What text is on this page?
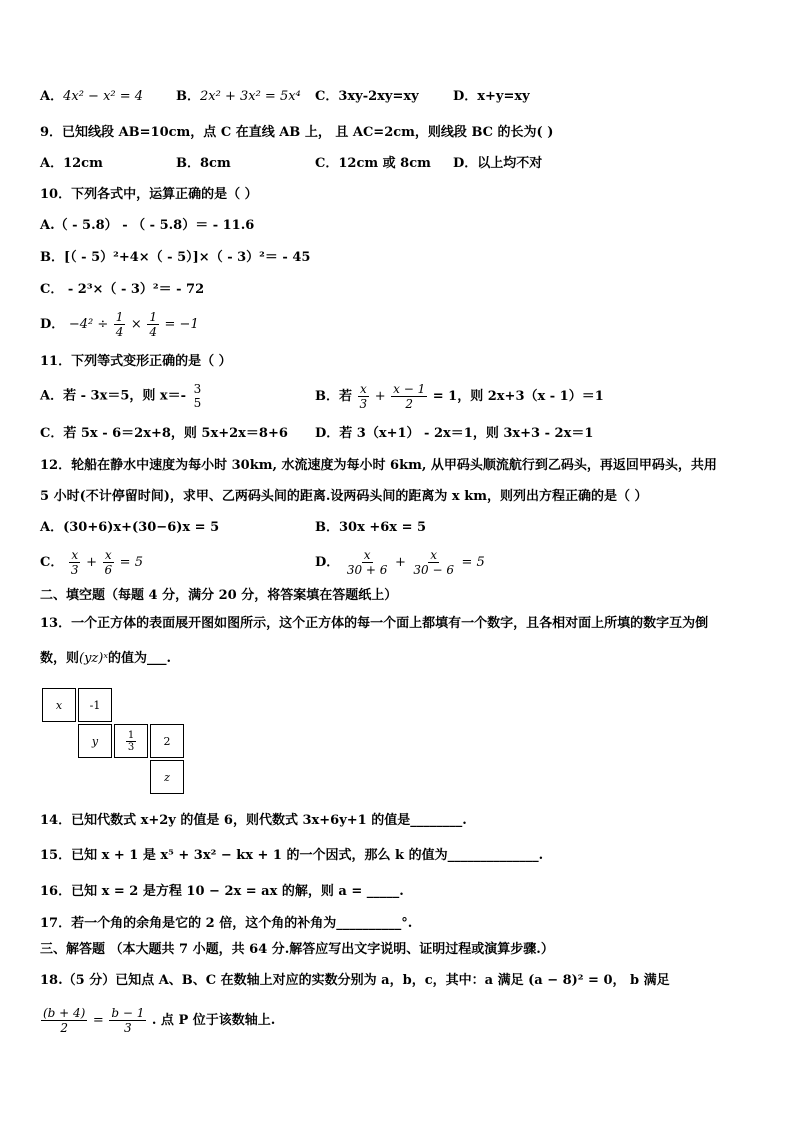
A．4x² − x² = 4	B．2x² + 3x² = 5x⁴ C．3xy-2xy=xy	D．x+y=xy
9．已知线段 AB=10cm，点 C 在直线 AB 上， 且 AC=2cm，则线段 BC 的长为( )
A．12cm	B．8cm	C．12cm 或 8cm D．以上均不对
10．下列各式中，运算正确的是（ ）
A.（ - 5.8） - （ - 5.8）＝ - 11.6
B．[（ - 5）²+4×（ - 5）]×（ - 3）²＝ - 45
C． - 2³×（ - 3）²＝ - 72
D． $-4^2 \div \frac{1}{4} \times \frac{1}{4} = -1$
11．下列等式变形正确的是（ ）
A．若 - 3x＝5，则 x＝- 3
5	B．若 $\frac{x}{3} + \frac{x - 1}{2} = 1$，则 2x+3（x - 1）＝1
C．若 5x - 6＝2x+8，则 5x+2x＝8+6 D．若 3（x+1） - 2x＝1，则 3x+3 - 2x＝1
12．轮船在静水中速度为每小时 30km, 水流速度为每小时 6km, 从甲码头顺流航行到乙码头，再返回甲码头，共用
5 小时(不计停留时间)，求甲、乙两码头间的距离.设两码头间的距离为 x km，则列出方程正确的是（ ）
A．(30+6)x+(30−6)x = 5	B．30x +6x = 5
C． $\frac{x}{3} + \frac{x}{6} = 5$	D． $\frac{x}{30 + 6} + \frac{x}{30 - 6} = 5$
二、填空题（每题 4 分，满分 20 分，将答案填在答题纸上）
13．一个正方体的表面展开图如图所示，这个正方体的每一个面上都填有一个数字，且各相对面上所填的数字互为倒
数，则(yz)ˣ的值为___.
x	-1
y	$\frac{1}{3}$	2
z
14．已知代数式 x+2y 的值是 6，则代数式 3x+6y+1 的值是________.
15．已知 x + 1 是 x⁵ + 3x² − kx + 1 的一个因式，那么 k 的值为______________.
16．已知 x = 2 是方程 10 − 2x = ax 的解，则 a = _____.
17．若一个角的余角是它的 2 倍，这个角的补角为__________°.
三、解答题 （本大题共 7 小题，共 64 分.解答应写出文字说明、证明过程或演算步骤.）
18.（5 分）已知点 A、B、C 在数轴上对应的实数分别为 a，b，c，其中：a 满足 (a − 8)² = 0， b 满足
$\frac{(b + 4)}{2} = \frac{b - 1}{3}$ . 点 P 位于该数轴上.
